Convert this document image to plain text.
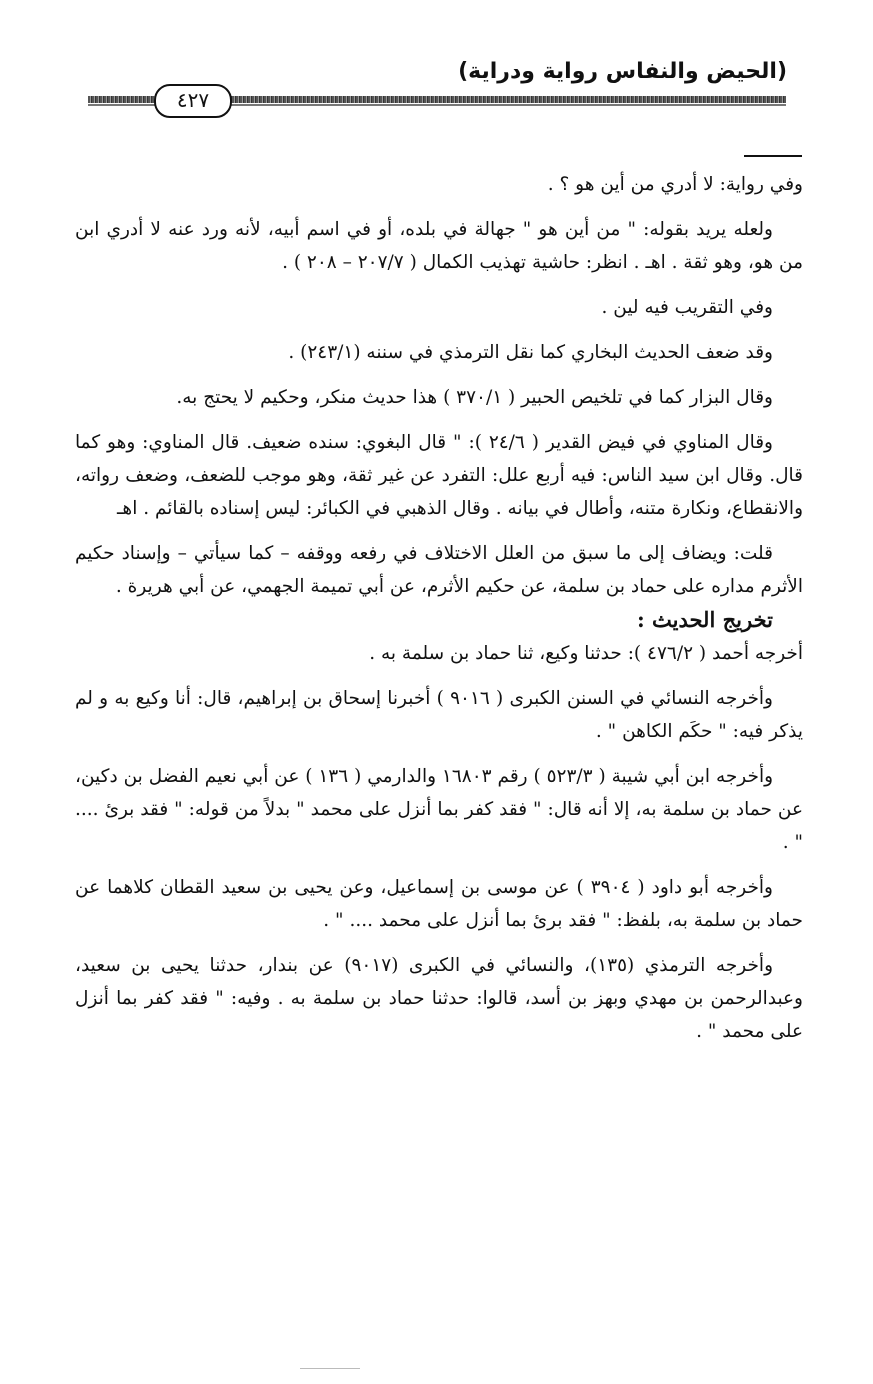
(الحيض والنفاس رواية ودراية)
٤٢٧

وفي رواية: لا أدري من أين هو ؟ .

ولعله يريد بقوله: " من أين هو " جهالة في بلده، أو في اسم أبيه، لأنه ورد عنه لا أدري ابن من هو، وهو ثقة . اهـ . انظر: حاشية تهذيب الكمال ( ٢٠٧/٧ – ٢٠٨ ) .

وفي التقريب فيه لين .

وقد ضعف الحديث البخاري كما نقل الترمذي في سننه (٢٤٣/١) .

وقال البزار كما في تلخيص الحبير ( ٣٧٠/١ ) هذا حديث منكر، وحكيم لا يحتج به.

وقال المناوي في فيض القدير ( ٢٤/٦ ): " قال البغوي: سنده ضعيف. قال المناوي: وهو كما قال. وقال ابن سيد الناس: فيه أربع علل: التفرد عن غير ثقة، وهو موجب للضعف، وضعف رواته، والانقطاع، ونكارة متنه، وأطال في بيانه . وقال الذهبي في الكبائر: ليس إسناده بالقائم . اهـ

قلت: ويضاف إلى ما سبق من العلل الاختلاف في رفعه ووقفه – كما سيأتي – وإسناد حكيم الأثرم مداره على حماد بن سلمة، عن حكيم الأثرم، عن أبي تميمة الجهمي، عن أبي هريرة .

تخريج الحديث :

أخرجه أحمد ( ٤٧٦/٢ ): حدثنا وكيع، ثنا حماد بن سلمة به .

وأخرجه النسائي في السنن الكبرى ( ٩٠١٦ ) أخبرنا إسحاق بن إبراهيم، قال: أنا وكيع به و لم يذكر فيه: " حكَم الكاهن " .

وأخرجه ابن أبي شيبة ( ٥٢٣/٣ ) رقم ١٦٨٠٣ والدارمي ( ١٣٦ ) عن أبي نعيم الفضل بن دكين، عن حماد بن سلمة به، إلا أنه قال: " فقد كفر بما أنزل على محمد " بدلاً من قوله: " فقد برئ .... " .

وأخرجه أبو داود ( ٣٩٠٤ ) عن موسى بن إسماعيل، وعن يحيى بن سعيد القطان كلاهما عن حماد بن سلمة به، بلفظ: " فقد برئ بما أنزل على محمد .... " .

وأخرجه الترمذي (١٣٥)، والنسائي في الكبرى (٩٠١٧) عن بندار، حدثنا يحيى بن سعيد، وعبدالرحمن بن مهدي وبهز بن أسد، قالوا: حدثنا حماد بن سلمة به . وفيه: " فقد كفر بما أنزل على محمد " .
